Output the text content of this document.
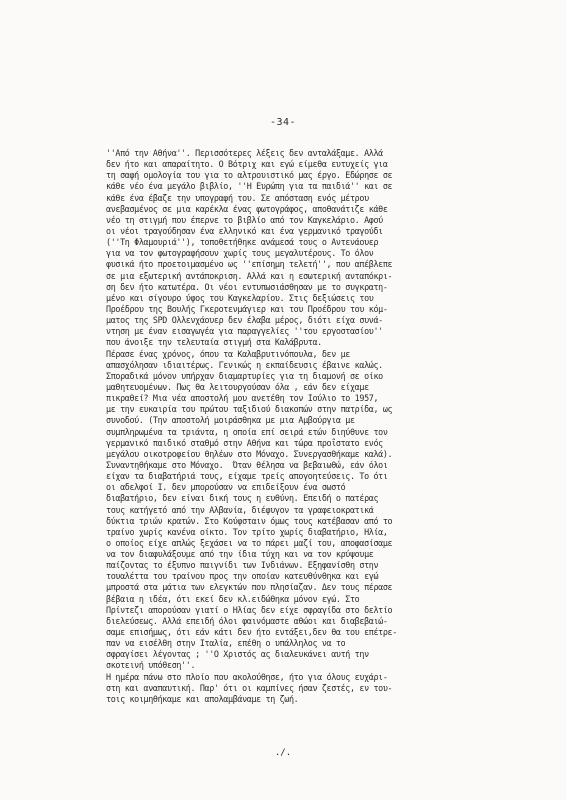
-34-
''Από την Αθήνα''. Περισσότερες λέξεις δεν ανταλάξαμε. Αλλά
δεν ήτο και απαραίτητο. Ο Βότριχ και εγώ είμεθα ευτυχείς για
τη σαφή ομολογία του για το αλτρουιστικό μας έργο. Εδώρησε σε
κάθε νέο ένα μεγάλο βιβλίο, ''Η Ευρώπη για τα παιδιά'' και σε
κάθε ένα έβαζε την υπογραφή του. Σε απόσταση ενός μέτρου
ανεβασμένος σε μια καρέκλα ένας φωτογράφος, αποθανάτιζε κάθε
νέο τη στιγμή που έπερνε το βιβλίο από τον Καγκελάριο. Αφού
οι νέοι τραγούδησαν ένα ελληνικό και ένα γερμανικό τραγούδι
(''Τη Φλαμουριά''), τοποθετήθηκε ανάμεσά τους ο Αντενάουερ
για να τον φωτογραφήσουν χωρίς τους μεγαλυτέρους. Το όλον
φυσικά ήτο προετοιμασμένο ως ''επίσημη τελετή'', που απέβλεπε
σε μια εξωτερική αντάποκριση. Αλλά και η εσωτερική ανταπόκρι-
ση δεν ήτο κατωτέρα. Οι νέοι εντυπωσιάσθησαν με το συγκρατη-
μένο και σίγουρο ύφος του Καγκελαρίου. Στις δεξιώσεις του
Προέδρου της Βουλής Γκεροτενμάγιερ και του Προέδρου του κόμ-
ματος της SPD Ολλενχάουερ δεν έλαβα μέρος, διότι είχα συνά-
ντηση με έναν εισαγωγέα για παραγγελίες ''του εργοστασίου''
που άνοιξε την τελευταία στιγμή στα Καλάβρυτα.
Πέρασε ένας χρόνος, όπου τα Καλαβρυτινόπουλα, δεν με
απασχόλησαν ιδιαιτέρως. Γενικώς η εκπαίδευσις έβαινε καλώς.
Σποραδικά μόνον υπήρχαν διαμαρτυρίες για τη διαμονή σε οίκο
μαθητευομένων. Πως θα λειτουργούσαν όλα , εάν δεν είχαμε
πικραθεί? Μια νέα αποστολή μου ανετέθη τον Ιούλιο το 1957,
με την ευκαιρία του πρώτου ταξιδιού διακοπών στην πατρίδα, ως
συνοδού. (Την αποστολή μοιράσθηκα με μια Αμβούργια με
συμπληρωμένα τα τριάντα, η οποία επί σειρά ετών διηύθυνε τον
γερμανικό παιδικό σταθμό στην Αθήνα και τώρα προΐστατο ενός
μεγάλου οικοτροφείου θηλέων στο Μόναχο. Συνεργασθήκαμε καλά).
Συναντηθήκαμε στο Μόναχο.  Όταν θέλησα να βεβαιωθώ, εάν όλοι
είχαν τα διαβατήριά τους, είχαμε τρείς απογοητεύσεις. Το ότι
οι αδελφοί Ι. δεν μπορούσαν να επιδείξουν ένα σωστό
διαβατήριο, δεν είναι δική τους η ευθύνη. Επειδή ο πατέρας
τους κατήγετό από την Αλβανία, διέφυγον τα γραφειοκρατικά
δύκτια τριών κρατών. Στο Κούφσταιν όμως τους κατέβασαν από το
τραίνο χωρίς κανένα οίκτο. Τον τρίτο χωρίς διαβατήριο, Ηλία,
ο οποίος είχε απλώς ξεχάσει να το πάρει μαζί του, αποφασίσαμε
να τον διαφυλάξουμε από την ίδια τύχη και να τον κρύψουμε
παίζοντας το έξυπνο παιγνίδι των Ινδιάνων. Εξηφανίσθη στην
τουαλέττα του τραίνου προς την οποίαν κατευθύνθηκα και εγώ
μπροστά στα μάτια των ελεγκτών που πλησίαζαν. Δεν τους πέρασε
βέβαια η ιδέα, ότι εκεί δεν κλ.ειδώθηκα μόνον εγώ. Στο
Πρίντεζι απορούσαν γιατί ο Ηλίας δεν είχε σφραγίδα στο δελτίο
διελεύσεως. Αλλά επειδή όλοι φαινόμαστε αθώοι και διαβεβαιώ-
σαμε επισήμως, ότι εάν κάτι δεν ήτο εντάξει,δεν θα του επέτρε-
παν να εισέλθη στην Ιταλία, επέθη ο υπάλληλος να το
σφραγίσει λέγοντας ; ''Ο Χριστός ας διαλευκάνει αυτή την
σκοτεινή υπόθεση''.
Η ημέρα πάνω στο πλοίο που ακολούθησε, ήτο για όλους ευχάρι-
στη και αναπαυτική. Παρ' ότι οι καμπίνες ήσαν ζεστές, εν του-
τοις κοιμηθήκαμε και απολαμβάναμε τη ζωή.
./.
